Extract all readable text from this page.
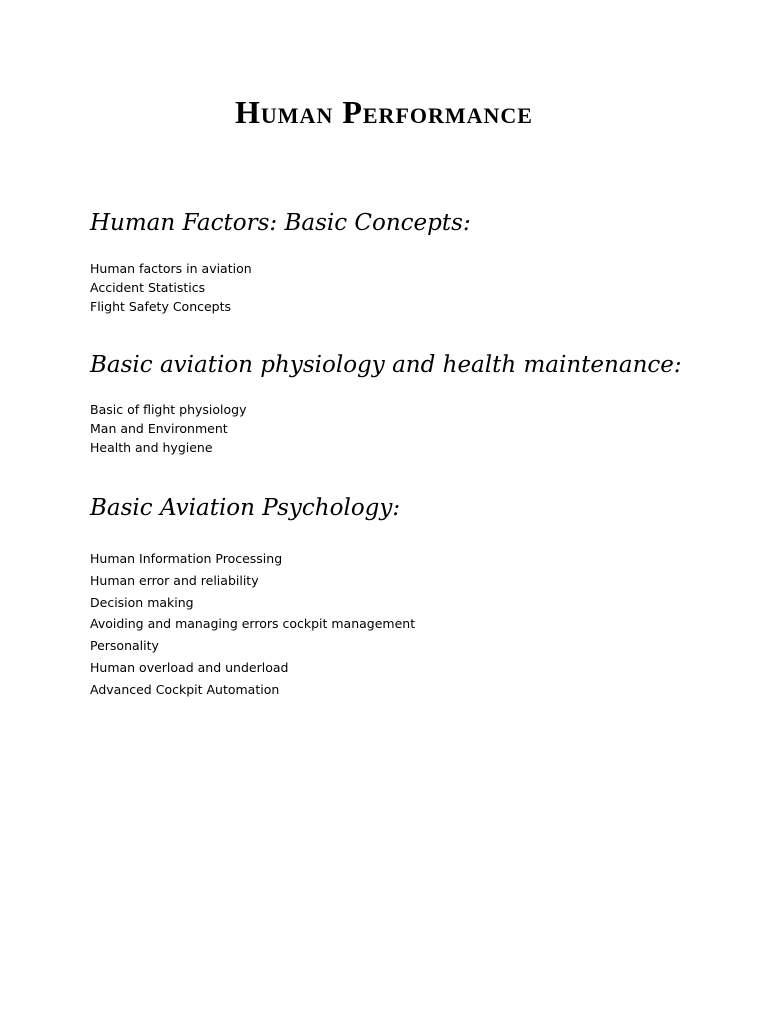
Human Performance
Human Factors: Basic Concepts:
Human factors in aviation
Accident Statistics
Flight Safety Concepts
Basic aviation physiology and health maintenance:
Basic of flight physiology
Man and Environment
Health and hygiene
Basic Aviation Psychology:
Human Information Processing
Human error and reliability
Decision making
Avoiding and managing errors cockpit management
Personality
Human overload and underload
Advanced Cockpit Automation
